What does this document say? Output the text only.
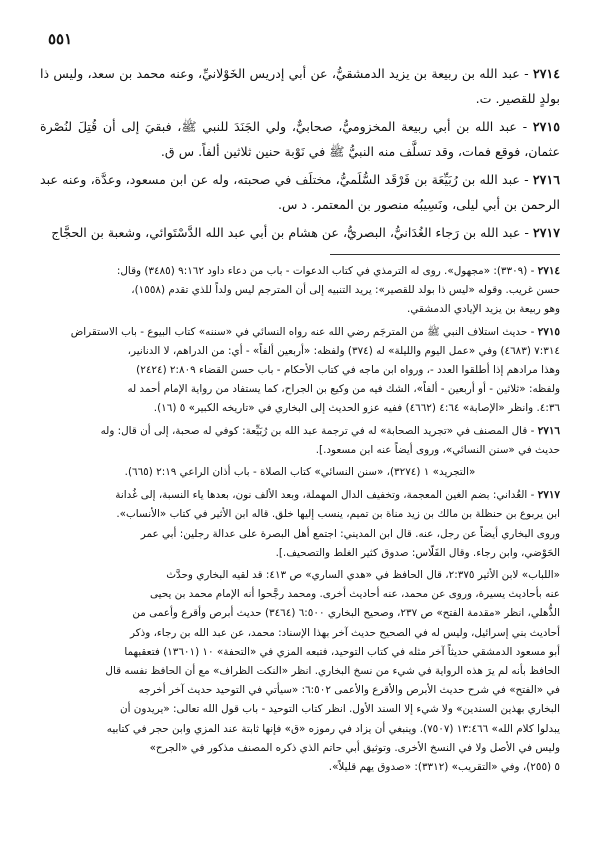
٥٥١

٢٧١٤ - عبد الله بن ربيعة بن يزيد الدمشقيُّ، عن أبي إدريس الخَوْلانيِّ، وعنه محمد بن سعد، وليس ذا بولدٍ للقصير. ت.

٢٧١٥ - عبد الله بن أبي ربيعة المخزوميُّ، صحابيٌّ، ولي الجَنَدَ للنبي ﷺ، فبقيَ إلى أن قُتِلَ لنُصْرة عثمان، فوقع فمات، وقد تسلَّف منه النبيُّ ﷺ في نَوْبة حنين ثلاثين ألفاً. س ق.

٢٧١٦ - عبد الله بن رُبَيِّعَة بن فَرْقَد السُّلَميُّ، مختلَف في صحبته، وله عن ابن مسعود، وعدَّة، وعنه عبد الرحمن بن أبي ليلى، ونَسِيبُه منصور بن المعتمر. د س.

٢٧١٧ - عبد الله بن رَجاء الغُدَانيُّ، البصريُّ، عن هشام بن أبي عبد الله الدَّسْتَوائي، وشعبة بن الحجَّاج

٢٧١٤ - (٣٣٠٩): «مجهول». روى له الترمذي في كتاب الدعوات - باب من دعاء داود ٩:١٦٢ (٣٤٨٥) وقال:
حسن غريب. وقوله «ليس ذا بولد للقصير»: يريد التنبيه إلى أن المترجم ليس ولداً للذي تقدم (١٥٥٨)،
وهو ربيعة بن يزيد الإيادي الدمشقي.
٢٧١٥ - حديث استلاف النبي ﷺ من المترجَم رضي الله عنه رواه النسائي في «سننه» كتاب البيوع - باب الاستقراض
٧:٣١٤ (٤٦٨٣) وفي «عمل اليوم والليلة» له (٣٧٤) ولفظه: «أربعين ألفاً» - أي: من الدراهم، لا الدنانير،
وهذا مرادهم إذا أطلقوا العدد -، ورواه ابن ماجه في كتاب الأحكام - باب حسن القضاء ٢:٨٠٩ (٢٤٢٤)
ولفظه: «ثلاثين - أو أربعين - ألفاً»، الشك فيه من وكيع بن الجراح، كما يستفاد من رواية الإمام أحمد له
٤:٣٦. وانظر «الإصابة» ٤:٦٤ (٤٦٦٢) ففيه عزو الحديث إلى البخاري في «تاريخه الكبير» ٥ (١٦).
٢٧١٦ - قال المصنف في «تجريد الصحابة» له في ترجمة عبد الله بن رُبَيِّعة: كوفي له صحبة، إلى أن قال: وله
حديث في «سنن النسائي»، وروى أيضاً عنه ابن مسعود.].
«التجريد» ١ (٣٢٧٤)، «سنن النسائي» كتاب الصلاة - باب أذان الراعي ٢:١٩ (٦٦٥).
٢٧١٧ - الغُداني: بضم الغين المعجمة، وتخفيف الدال المهملة، وبعد الألف نون، بعدها ياء النسبة، إلى غُدانة
ابن يربوع بن حنظلة بن مالك بن زيد مناة بن تميم، ينسب إليها خلق. قاله ابن الأثير في كتاب «الأنساب».
وروى البخاري أيضاً عن رجل، عنه. قال ابن المديني: اجتمع أهل البصرة على عدالة رجلين: أبي عمر
الحَوْضي، وابن رجاء. وقال الفَلّاس: صدوق كثير الغلط والتصحيف.].
«اللباب» لابن الأثير ٢:٣٧٥، قال الحافظ في «هدي الساري» ص ٤١٣: قد لقيه البخاري وحدَّث
عنه بأحاديث يسيرة، وروى عن محمد، عنه أحاديث أخرى. ومحمد رجَّحوا أنه الإمام محمد بن يحيى
الذُّهلي، انظر «مقدمة الفتح» ص ٢٣٧، وصحيح البخاري ٦:٥٠٠ (٣٤٦٤) حديث أبرص وأقرع وأعمى من
أحاديث بني إسرائيل، وليس له في الصحيح حديث آخر بهذا الإسناد: محمد، عن عبد الله بن رجاء، وذكر
أبو مسعود الدمشقي حديثاً آخر مثله في كتاب التوحيد، فتبعه المزي في «التحفة» ١٠ (١٣٦٠١) فتعقبهما
الحافظ بأنه لم يرَ هذه الرواية في شيء من نسخ البخاري. انظر «النكت الظراف» مع أن الحافظ نفسه قال
في «الفتح» في شرح حديث الأبرص والأقرع والأعمى ٦:٥٠٢: «سيأتي في التوحيد حديث آخر أخرجه
البخاري بهذين السندين» ولا شيء إلا السند الأول. انظر كتاب التوحيد - باب قول الله تعالى: «يريدون أن
يبدلوا كلام الله» ١٣:٤٦٦ (٧٥٠٧). وينبغي أن يزاد في رموزه «ق» فإنها ثابتة عند المزي وابن حجر في كتابيه
وليس في الأصل ولا في النسخ الأخرى. وتوثيق أبي حاتم الذي ذكره المصنف مذكور في «الجرح»
٥ (٢٥٥)، وفي «التقريب» (٣٣١٢): «صدوق يهم قليلاً».
